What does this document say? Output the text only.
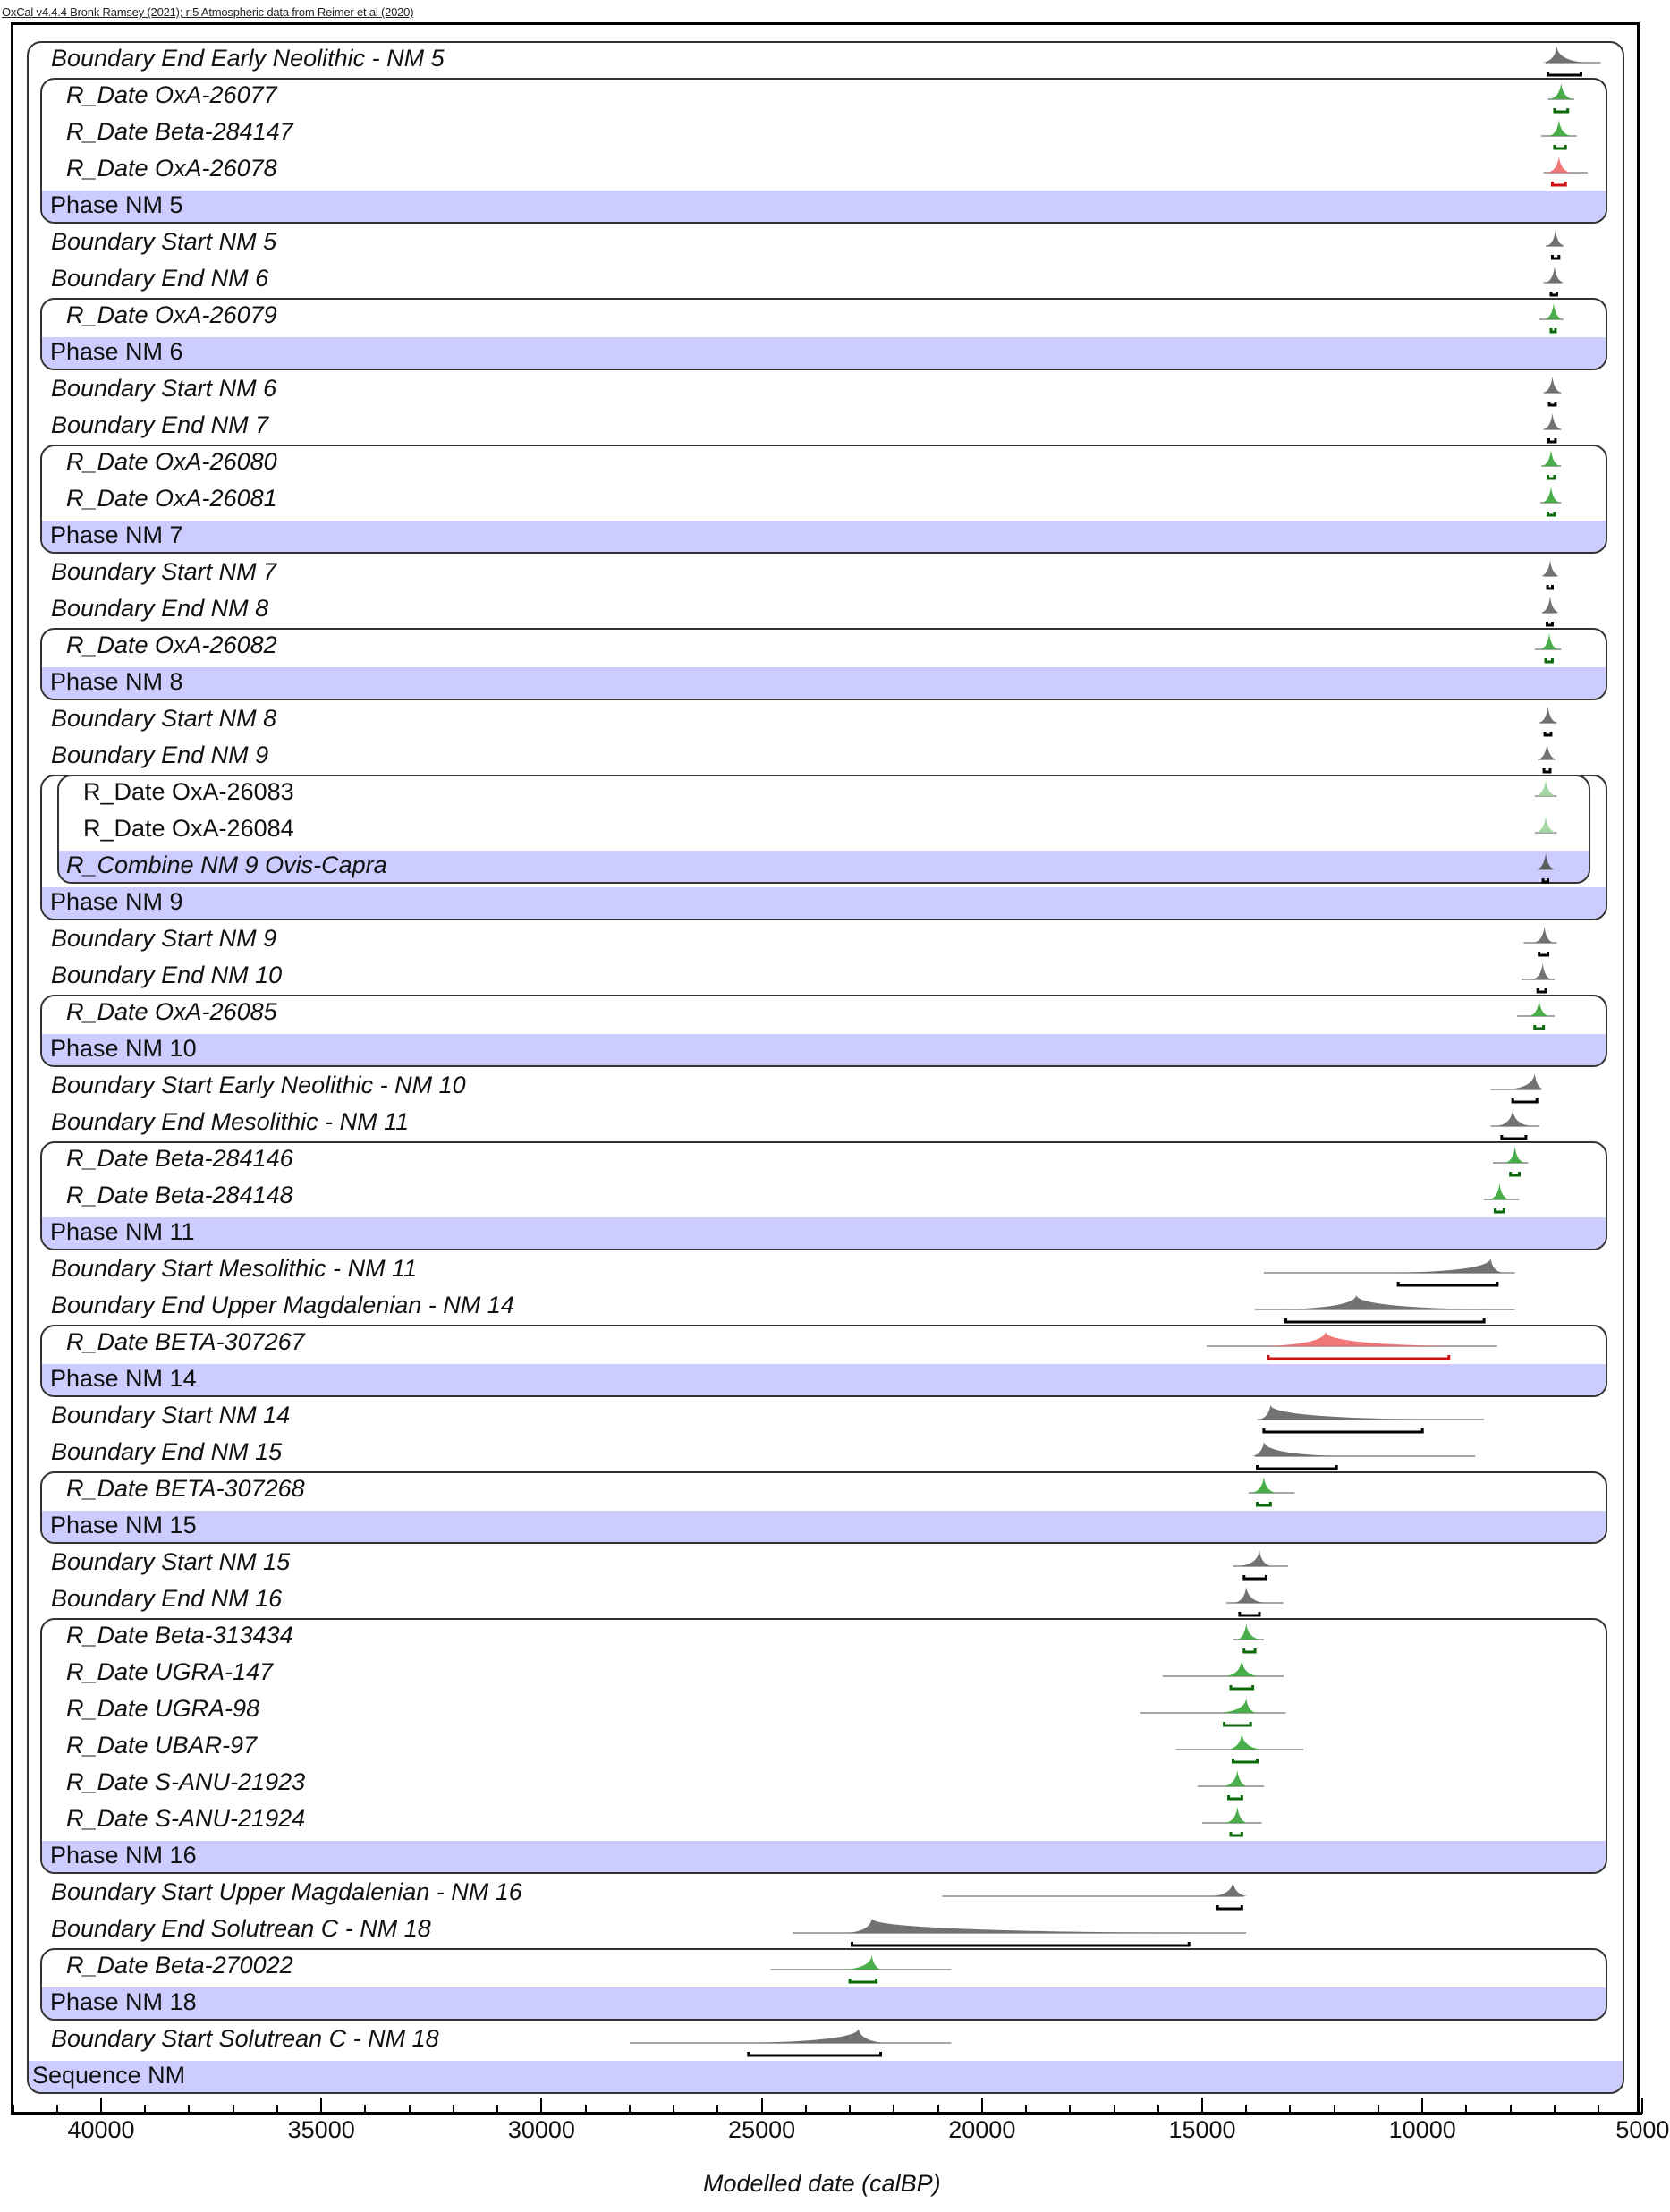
OxCal v4.4.4 Bronk Ramsey (2021); r:5 Atmospheric data from Reimer et al (2020)
Boundary End Early Neolithic - NM 5
R_Date OxA-26077
R_Date Beta-284147
R_Date OxA-26078
Phase NM 5
Boundary Start NM 5
Boundary End NM 6
R_Date OxA-26079
Phase NM 6
Boundary Start NM 6
Boundary End NM 7
R_Date OxA-26080
R_Date OxA-26081
Phase NM 7
Boundary Start NM 7
Boundary End NM 8
R_Date OxA-26082
Phase NM 8
Boundary Start NM 8
Boundary End NM 9
R_Date OxA-26083
R_Date OxA-26084
R_Combine NM 9 Ovis-Capra
Phase NM 9
Boundary Start NM 9
Boundary End NM 10
R_Date OxA-26085
Phase NM 10
Boundary Start Early Neolithic - NM 10
Boundary End Mesolithic - NM 11
R_Date Beta-284146
R_Date Beta-284148
Phase NM 11
Boundary Start Mesolithic - NM 11
Boundary End Upper Magdalenian - NM 14
R_Date BETA-307267
Phase NM 14
Boundary Start NM 14
Boundary End NM 15
R_Date BETA-307268
Phase NM 15
Boundary Start NM 15
Boundary End NM 16
R_Date Beta-313434
R_Date UGRA-147
R_Date UGRA-98
R_Date UBAR-97
R_Date S-ANU-21923
R_Date S-ANU-21924
Phase NM 16
Boundary Start Upper Magdalenian - NM 16
Boundary End Solutrean C - NM 18
R_Date Beta-270022
Phase NM 18
Boundary Start Solutrean C - NM 18
Sequence NM
40000	35000	30000	25000	20000	15000	10000	5000
Modelled date (calBP)
